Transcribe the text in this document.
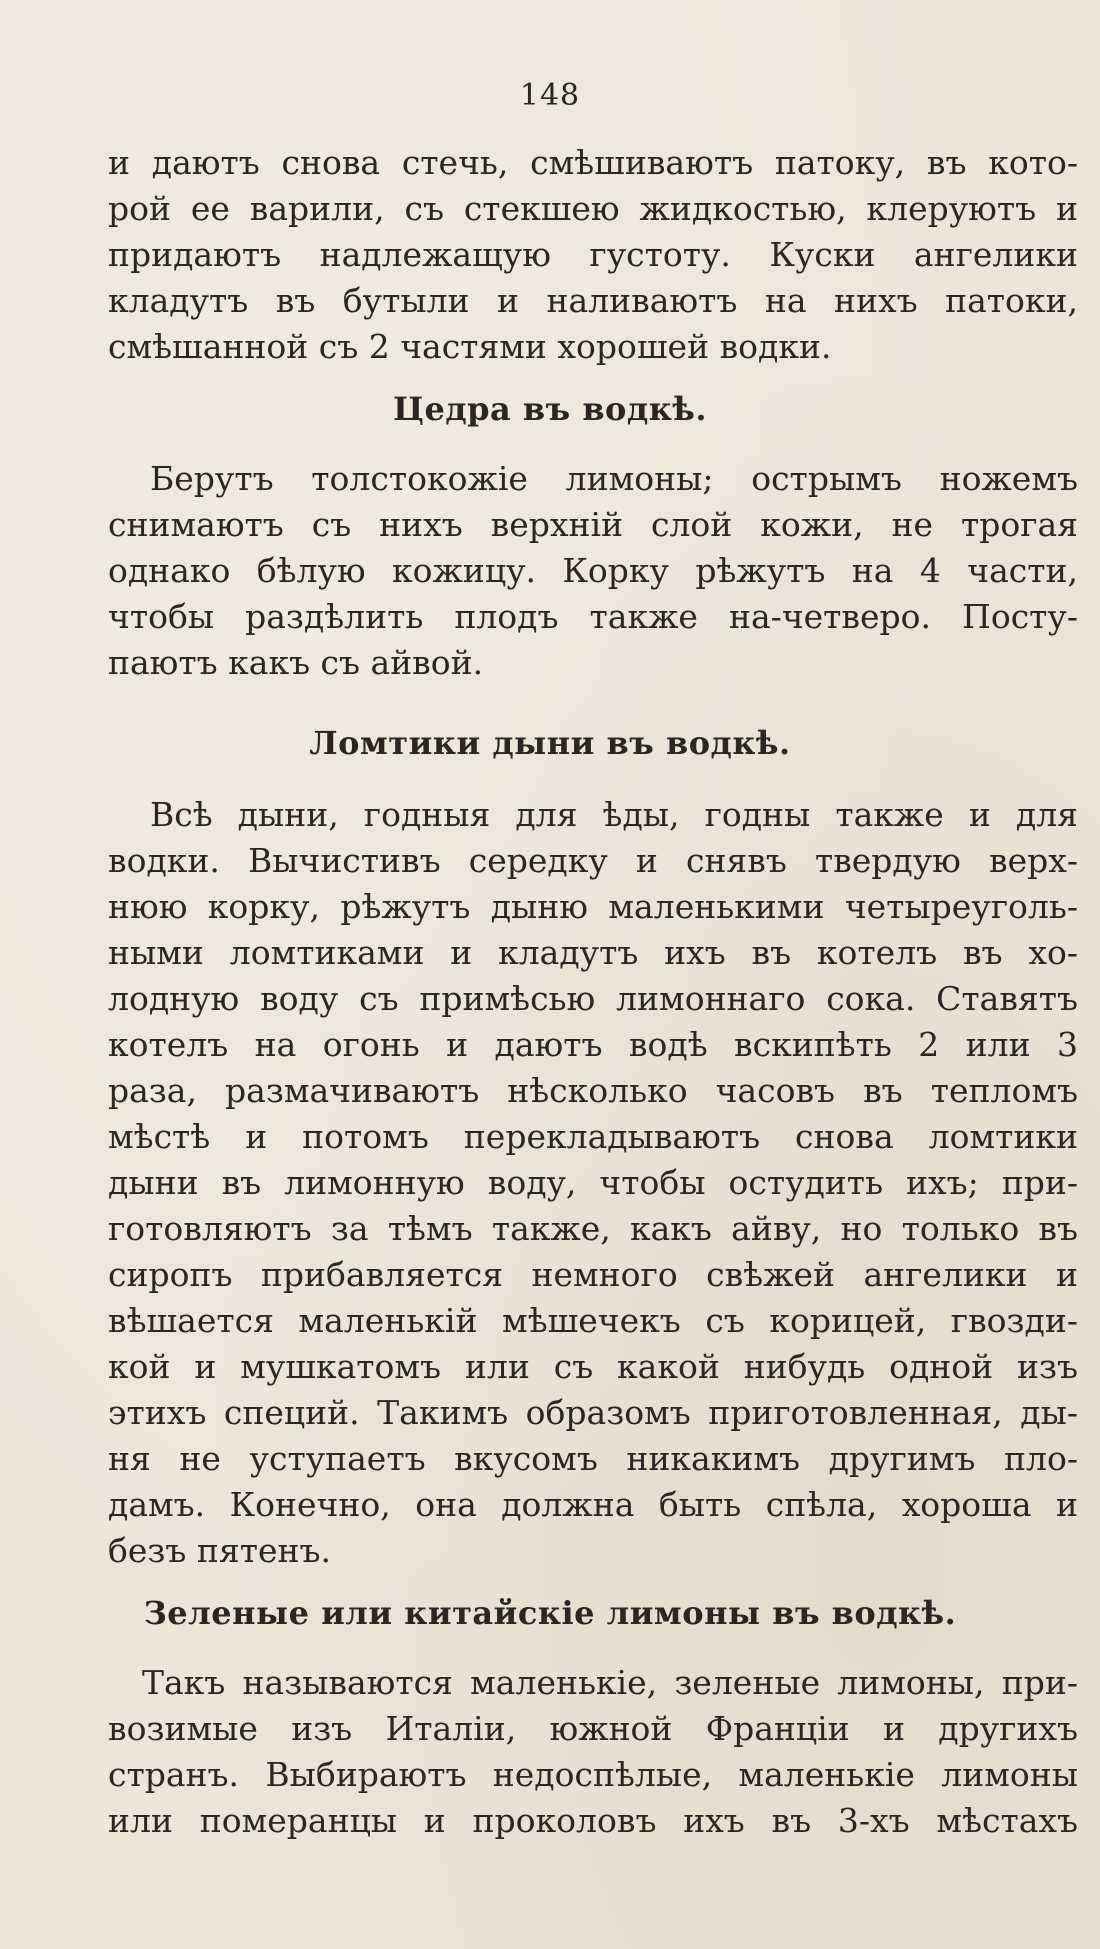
148
и даютъ снова стечь, смѣшиваютъ патоку, въ кото-
рой ее варили, съ стекшею жидкостью, клеруютъ и
придаютъ надлежащую густоту. Куски ангелики
кладутъ въ бутыли и наливаютъ на нихъ патоки,
смѣшанной съ 2 частями хорошей водки.
Цедра въ водкѣ.
Берутъ толстокожіе лимоны; острымъ ножемъ
снимаютъ съ нихъ верхній слой кожи, не трогая
однако бѣлую кожицу. Корку рѣжутъ на 4 части,
чтобы раздѣлить плодъ также на-четверо. Посту-
паютъ какъ съ айвой.
Ломтики дыни въ водкѣ.
Всѣ дыни, годныя для ѣды, годны также и для
водки. Вычистивъ середку и снявъ твердую верх-
нюю корку, рѣжутъ дыню маленькими четыреуголь-
ными ломтиками и кладутъ ихъ въ котелъ въ хо-
лодную воду съ примѣсью лимоннаго сока. Ставятъ
котелъ на огонь и даютъ водѣ вскипѣть 2 или 3
раза, размачиваютъ нѣсколько часовъ въ тепломъ
мѣстѣ и потомъ перекладываютъ снова ломтики
дыни въ лимонную воду, чтобы остудить ихъ; при-
готовляютъ за тѣмъ также, какъ айву, но только въ
сиропъ прибавляется немного свѣжей ангелики и
вѣшается маленькій мѣшечекъ съ корицей, гвозди-
кой и мушкатомъ или съ какой нибудь одной изъ
этихъ специй. Такимъ образомъ приготовленная, ды-
ня не уступаетъ вкусомъ никакимъ другимъ пло-
дамъ. Конечно, она должна быть спѣла, хороша и
безъ пятенъ.
Зеленые или китайскіе лимоны въ водкѣ.
Такъ называются маленькіе, зеленые лимоны, при-
возимые изъ Италіи, южной Франціи и другихъ
странъ. Выбираютъ недоспѣлые, маленькіе лимоны
или померанцы и проколовъ ихъ въ 3-хъ мѣстахъ
